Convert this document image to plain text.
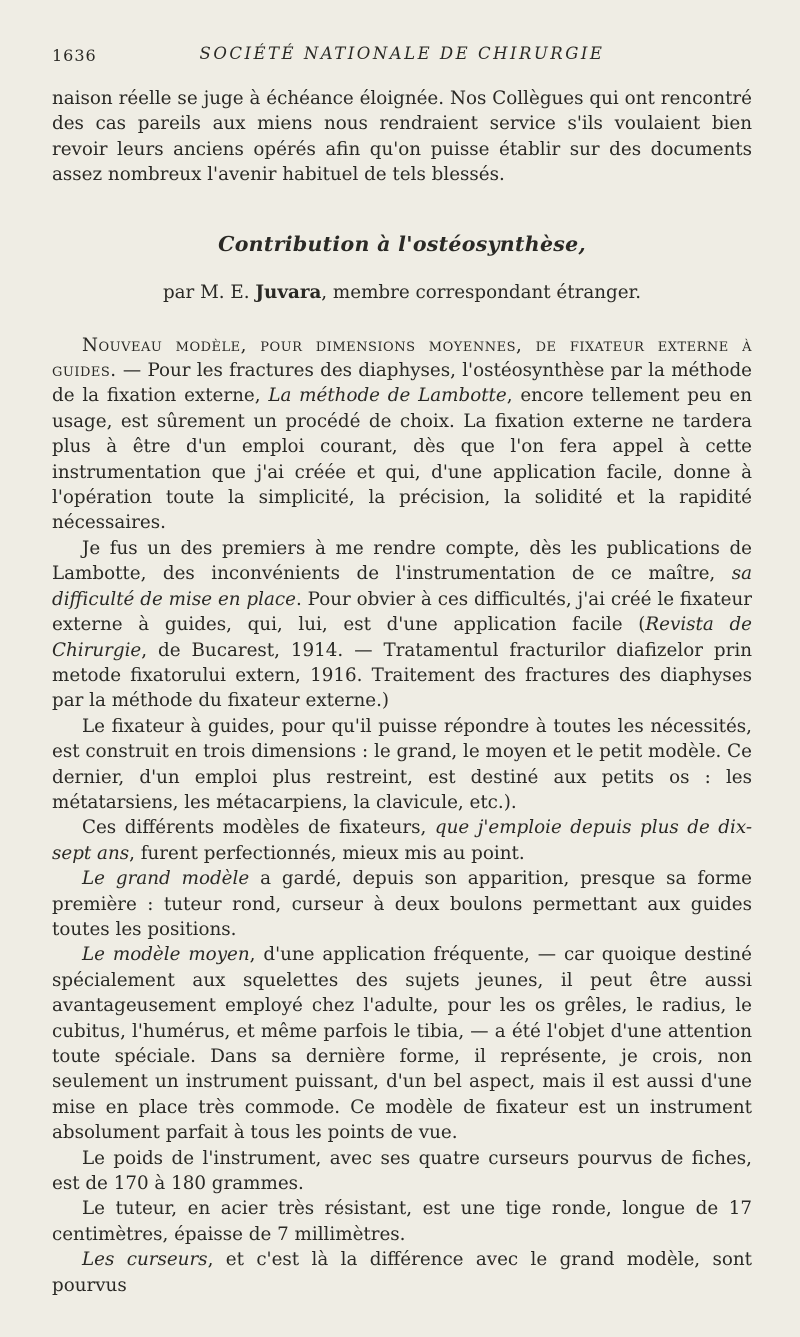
1636	SOCIÉTÉ NATIONALE DE CHIRURGIE

naison réelle se juge à échéance éloignée. Nos Collègues qui ont rencontré des cas pareils aux miens nous rendraient service s'ils voulaient bien revoir leurs anciens opérés afin qu'on puisse établir sur des documents assez nombreux l'avenir habituel de tels blessés.

Contribution à l'ostéosynthèse,

par M. E. Juvara, membre correspondant étranger.

Nouveau modèle, pour dimensions moyennes, de fixateur externe à guides. — Pour les fractures des diaphyses, l'ostéosynthèse par la méthode de la fixation externe, La méthode de Lambotte, encore tellement peu en usage, est sûrement un procédé de choix. La fixation externe ne tardera plus à être d'un emploi courant, dès que l'on fera appel à cette instrumentation que j'ai créée et qui, d'une application facile, donne à l'opération toute la simplicité, la précision, la solidité et la rapidité nécessaires.

Je fus un des premiers à me rendre compte, dès les publications de Lambotte, des inconvénients de l'instrumentation de ce maître, sa difficulté de mise en place. Pour obvier à ces difficultés, j'ai créé le fixateur externe à guides, qui, lui, est d'une application facile (Revista de Chirurgie, de Bucarest, 1914. — Tratamentul fracturilor diafizelor prin metode fixatorului extern, 1916. Traitement des fractures des diaphyses par la méthode du fixateur externe.)

Le fixateur à guides, pour qu'il puisse répondre à toutes les nécessités, est construit en trois dimensions : le grand, le moyen et le petit modèle. Ce dernier, d'un emploi plus restreint, est destiné aux petits os : les métatarsiens, les métacarpiens, la clavicule, etc.).

Ces différents modèles de fixateurs, que j'emploie depuis plus de dix-sept ans, furent perfectionnés, mieux mis au point.

Le grand modèle a gardé, depuis son apparition, presque sa forme première : tuteur rond, curseur à deux boulons permettant aux guides toutes les positions.

Le modèle moyen, d'une application fréquente, — car quoique destiné spécialement aux squelettes des sujets jeunes, il peut être aussi avantageusement employé chez l'adulte, pour les os grêles, le radius, le cubitus, l'humérus, et même parfois le tibia, — a été l'objet d'une attention toute spéciale. Dans sa dernière forme, il représente, je crois, non seulement un instrument puissant, d'un bel aspect, mais il est aussi d'une mise en place très commode. Ce modèle de fixateur est un instrument absolument parfait à tous les points de vue.

Le poids de l'instrument, avec ses quatre curseurs pourvus de fiches, est de 170 à 180 grammes.

Le tuteur, en acier très résistant, est une tige ronde, longue de 17 centimètres, épaisse de 7 millimètres.

Les curseurs, et c'est là la différence avec le grand modèle, sont pourvus
